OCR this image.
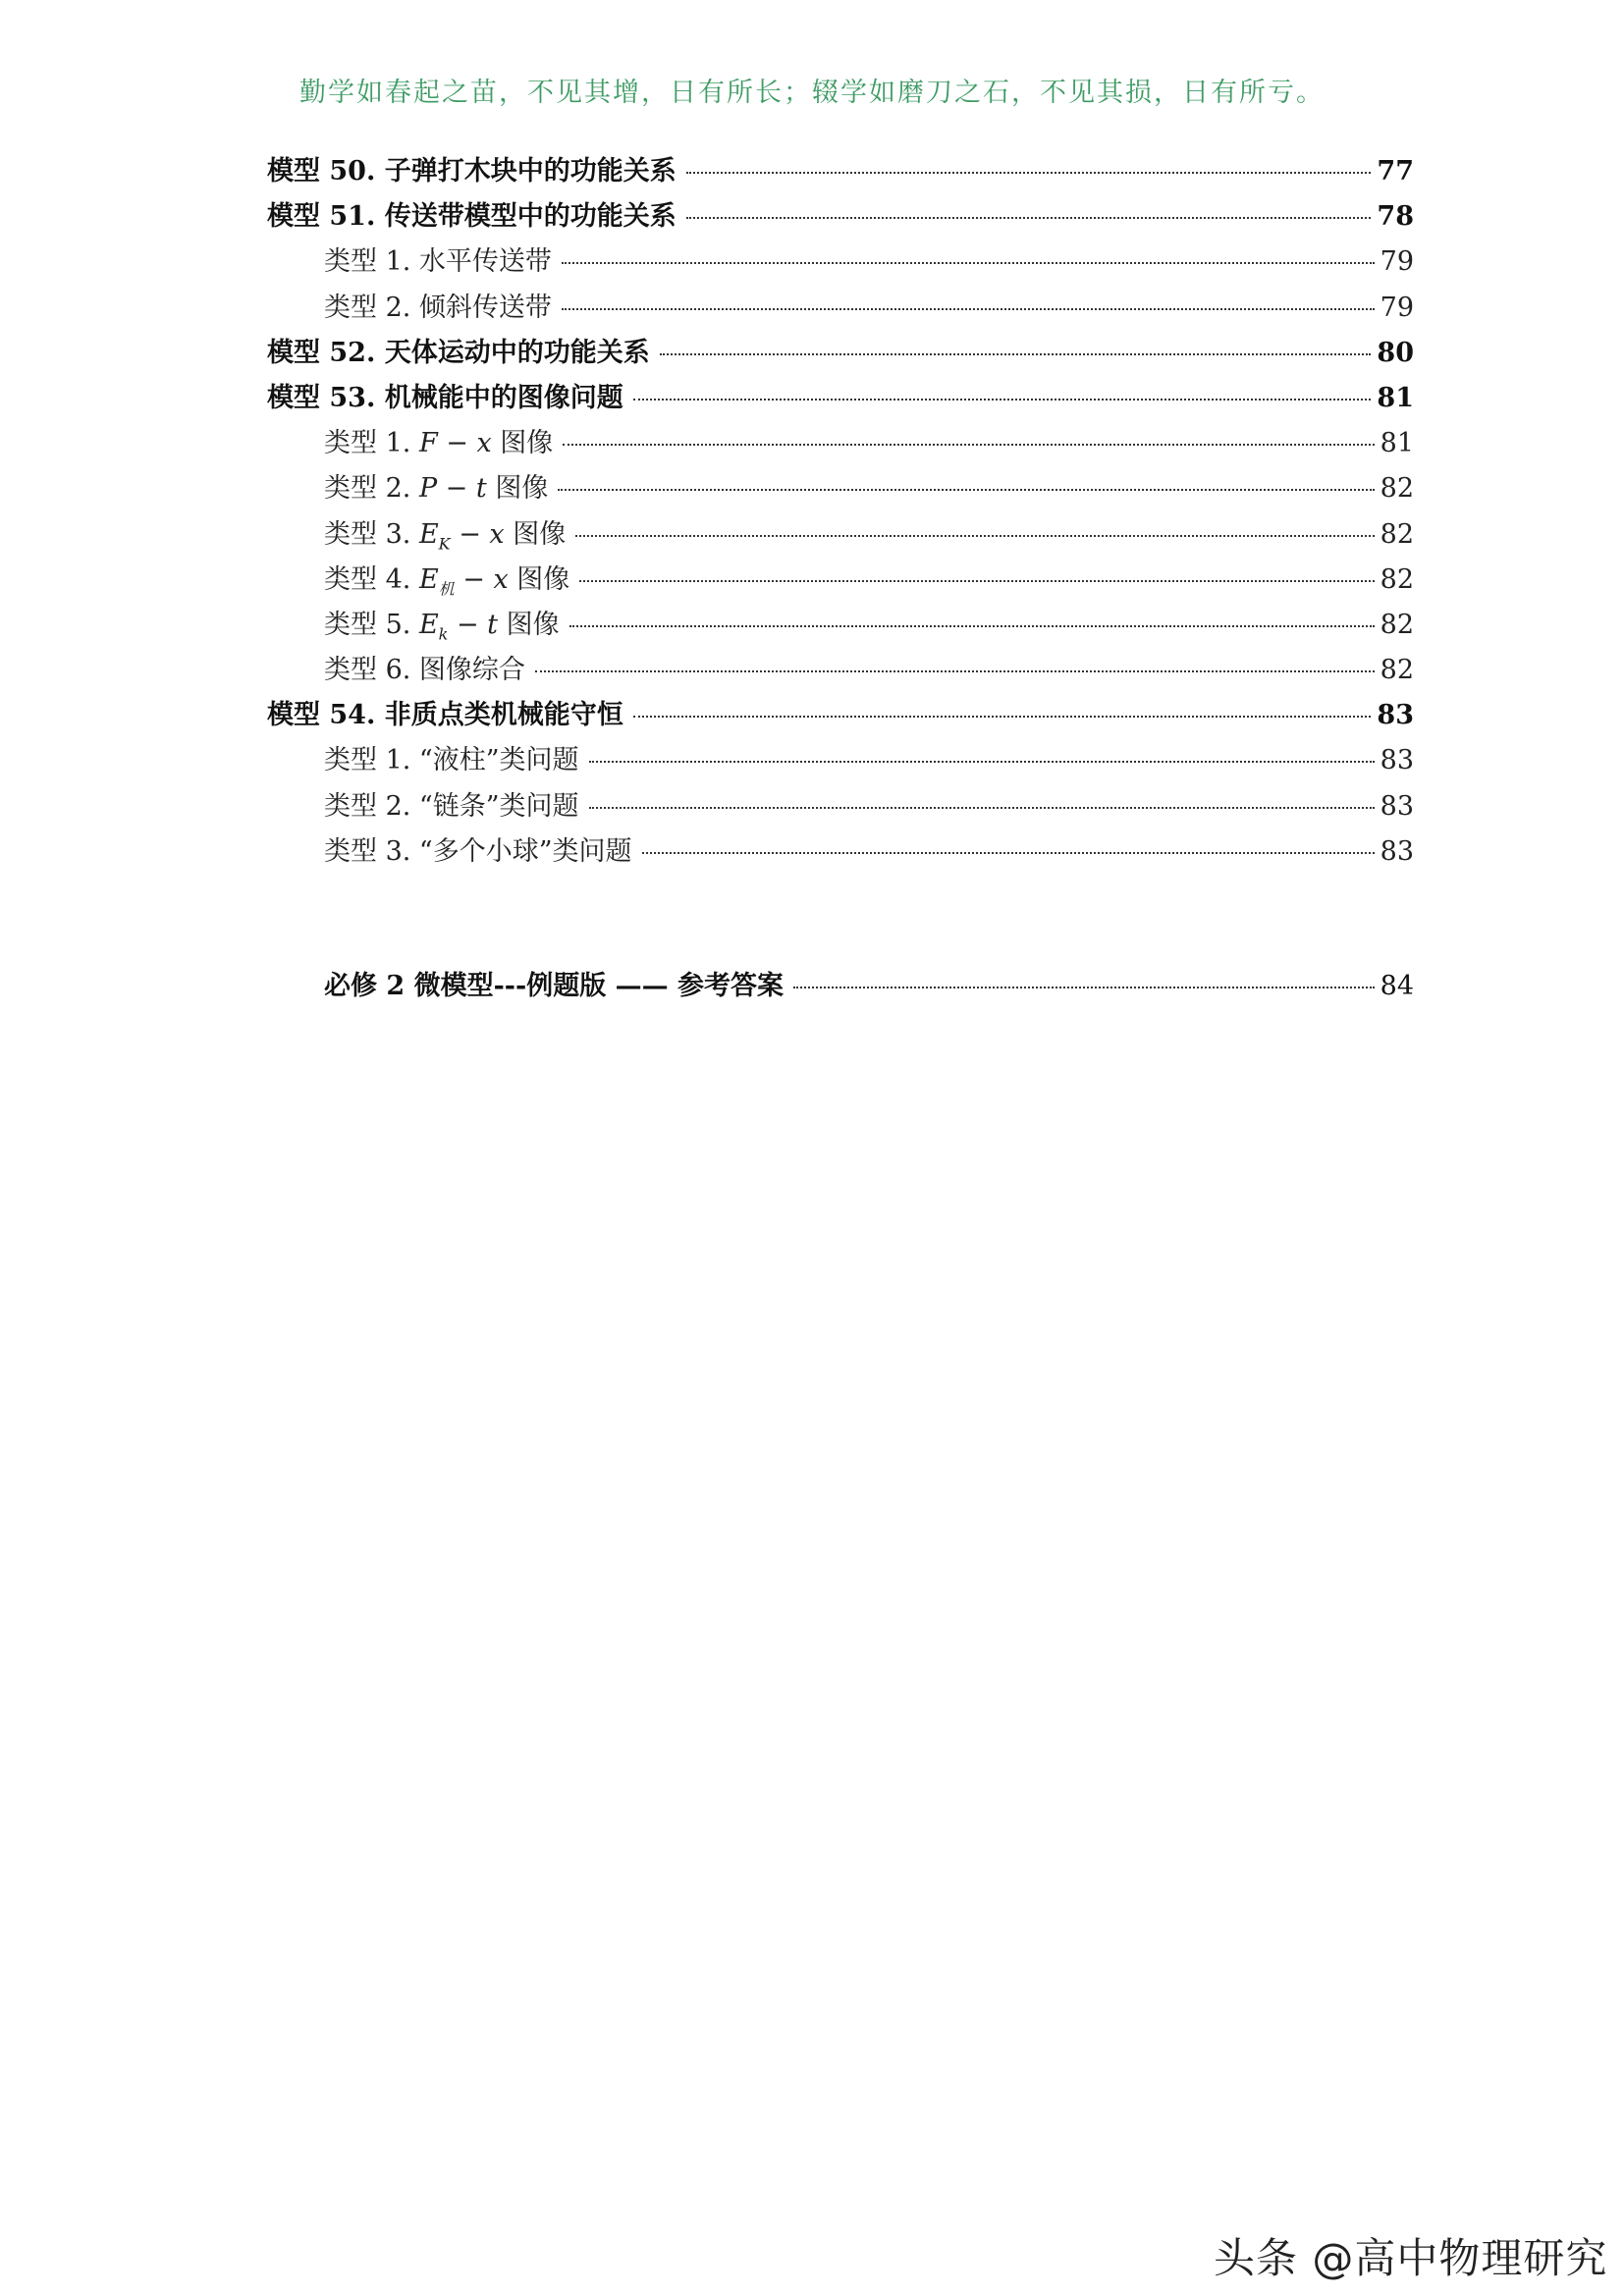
勤学如春起之苗，不见其增，日有所长；辍学如磨刀之石，不见其损，日有所亏。
模型 50. 子弹打木块中的功能关系	77
模型 51. 传送带模型中的功能关系	78
类型 1. 水平传送带	79
类型 2. 倾斜传送带	79
模型 52. 天体运动中的功能关系	80
模型 53. 机械能中的图像问题	81
类型 1. F − x 图像	81
类型 2. P − t 图像	82
类型 3. $E_K - x$ 图像	82
类型 4. $E_机 - x$ 图像	82
类型 5. $E_k - t$ 图像	82
类型 6. 图像综合	82
模型 54. 非质点类机械能守恒	83
类型 1. “液柱”类问题	83
类型 2. “链条”类问题	83
类型 3. “多个小球”类问题	83
必修 2 微模型---例题版 —— 参考答案	84
头条 @高中物理研究
